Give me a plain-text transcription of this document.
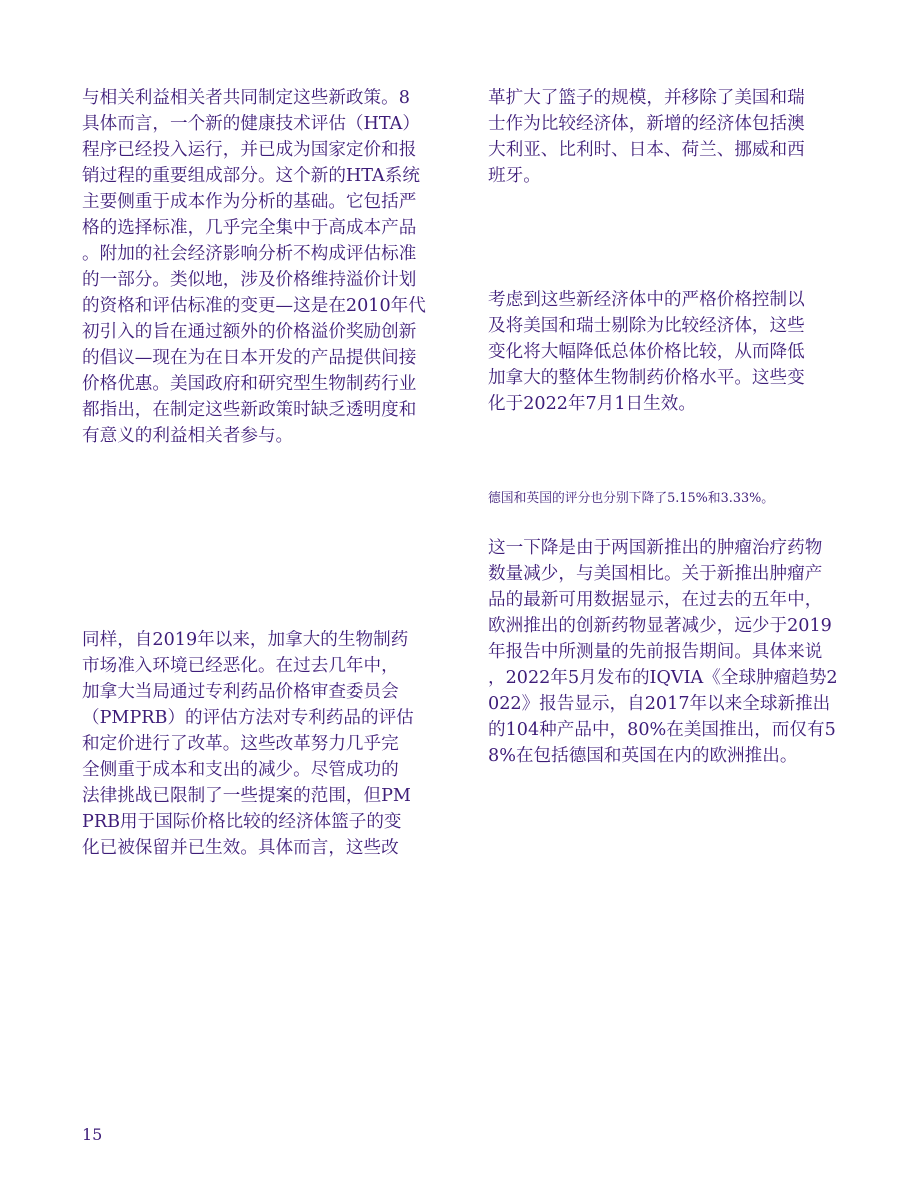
与相关利益相关者共同制定这些新政策。8
具体而言，一个新的健康技术评估（HTA）
程序已经投入运行，并已成为国家定价和报
销过程的重要组成部分。这个新的HTA系统
主要侧重于成本作为分析的基础。它包括严
格的选择标准，几乎完全集中于高成本产品
。附加的社会经济影响分析不构成评估标准
的一部分。类似地，涉及价格维持溢价计划
的资格和评估标准的变更—这是在2010年代
初引入的旨在通过额外的价格溢价奖励创新
的倡议—现在为在日本开发的产品提供间接
价格优惠。美国政府和研究型生物制药行业
都指出，在制定这些新政策时缺乏透明度和
有意义的利益相关者参与。
同样，自2019年以来，加拿大的生物制药
市场准入环境已经恶化。在过去几年中，
加拿大当局通过专利药品价格审查委员会
（PMPRB）的评估方法对专利药品的评估
和定价进行了改革。这些改革努力几乎完
全侧重于成本和支出的减少。尽管成功的
法律挑战已限制了一些提案的范围，但PM
PRB用于国际价格比较的经济体篮子的变
化已被保留并已生效。具体而言，这些改
革扩大了篮子的规模，并移除了美国和瑞
士作为比较经济体，新增的经济体包括澳
大利亚、比利时、日本、荷兰、挪威和西
班牙。
考虑到这些新经济体中的严格价格控制以
及将美国和瑞士剔除为比较经济体，这些
变化将大幅降低总体价格比较，从而降低
加拿大的整体生物制药价格水平。这些变
化于2022年7月1日生效。
德国和英国的评分也分别下降了5.15%和3.33%。
这一下降是由于两国新推出的肿瘤治疗药物
数量减少，与美国相比。关于新推出肿瘤产
品的最新可用数据显示，在过去的五年中，
欧洲推出的创新药物显著减少，远少于2019
年报告中所测量的先前报告期间。具体来说
，2022年5月发布的IQVIA《全球肿瘤趋势2
022》报告显示，自2017年以来全球新推出
的104种产品中，80%在美国推出，而仅有5
8%在包括德国和英国在内的欧洲推出。
15
